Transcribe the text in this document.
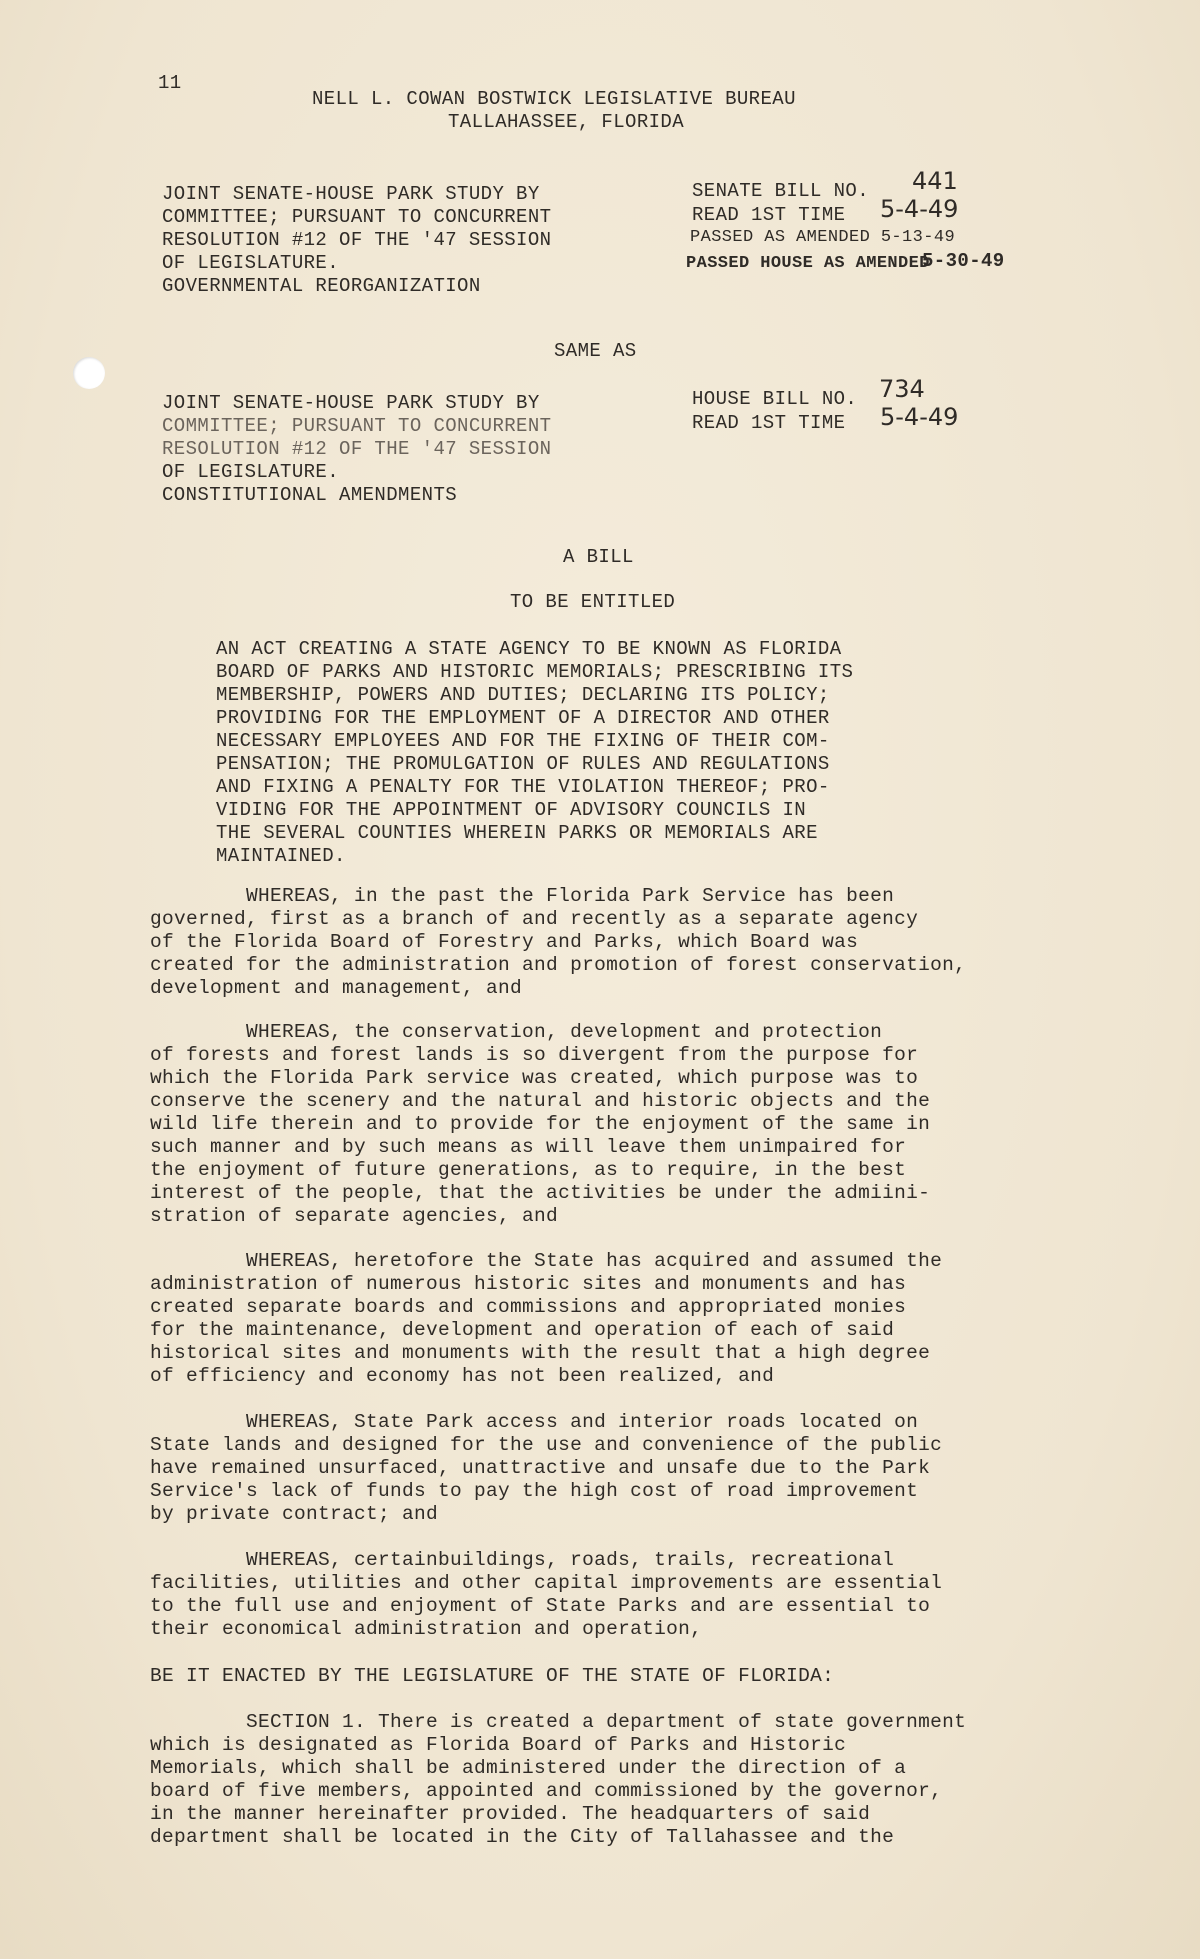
11
NELL L. COWAN BOSTWICK LEGISLATIVE BUREAU
TALLAHASSEE, FLORIDA
JOINT SENATE-HOUSE PARK STUDY BY
COMMITTEE; PURSUANT TO CONCURRENT
RESOLUTION #12 OF THE '47 SESSION
OF LEGISLATURE.
GOVERNMENTAL REORGANIZATION
SENATE BILL NO. 441
READ 1ST TIME 5-4-49
PASSED AS AMENDED 5-13-49
PASSED HOUSE AS AMENDED
5-30-49
SAME AS
JOINT SENATE-HOUSE PARK STUDY BY
COMMITTEE; PURSUANT TO CONCURRENT
RESOLUTION #12 OF THE '47 SESSION
OF LEGISLATURE.
CONSTITUTIONAL AMENDMENTS
HOUSE BILL NO. 734
READ 1ST TIME 5-4-49
A BILL
TO BE ENTITLED
AN ACT CREATING A STATE AGENCY TO BE KNOWN AS FLORIDA
BOARD OF PARKS AND HISTORIC MEMORIALS; PRESCRIBING ITS
MEMBERSHIP, POWERS AND DUTIES; DECLARING ITS POLICY;
PROVIDING FOR THE EMPLOYMENT OF A DIRECTOR AND OTHER
NECESSARY EMPLOYEES AND FOR THE FIXING OF THEIR COM-
PENSATION; THE PROMULGATION OF RULES AND REGULATIONS
AND FIXING A PENALTY FOR THE VIOLATION THEREOF; PRO-
VIDING FOR THE APPOINTMENT OF ADVISORY COUNCILS IN
THE SEVERAL COUNTIES WHEREIN PARKS OR MEMORIALS ARE
MAINTAINED.
WHEREAS, in the past the Florida Park Service has been
governed, first as a branch of and recently as a separate agency
of the Florida Board of Forestry and Parks, which Board was
created for the administration and promotion of forest conservation,
development and management, and
WHEREAS, the conservation, development and protection
of forests and forest lands is so divergent from the purpose for
which the Florida Park service was created, which purpose was to
conserve the scenery and the natural and historic objects and the
wild life therein and to provide for the enjoyment of the same in
such manner and by such means as will leave them unimpaired for
the enjoyment of future generations, as to require, in the best
interest of the people, that the activities be under the admiini-
stration of separate agencies, and
WHEREAS, heretofore the State has acquired and assumed the
administration of numerous historic sites and monuments and has
created separate boards and commissions and appropriated monies
for the maintenance, development and operation of each of said
historical sites and monuments with the result that a high degree
of efficiency and economy has not been realized, and
WHEREAS, State Park access and interior roads located on
State lands and designed for the use and convenience of the public
have remained unsurfaced, unattractive and unsafe due to the Park
Service's lack of funds to pay the high cost of road improvement
by private contract; and
WHEREAS, certainbuildings, roads, trails, recreational
facilities, utilities and other capital improvements are essential
to the full use and enjoyment of State Parks and are essential to
their economical administration and operation,
BE IT ENACTED BY THE LEGISLATURE OF THE STATE OF FLORIDA:
SECTION 1. There is created a department of state government
which is designated as Florida Board of Parks and Historic
Memorials, which shall be administered under the direction of a
board of five members, appointed and commissioned by the governor,
in the manner hereinafter provided. The headquarters of said
department shall be located in the City of Tallahassee and the
